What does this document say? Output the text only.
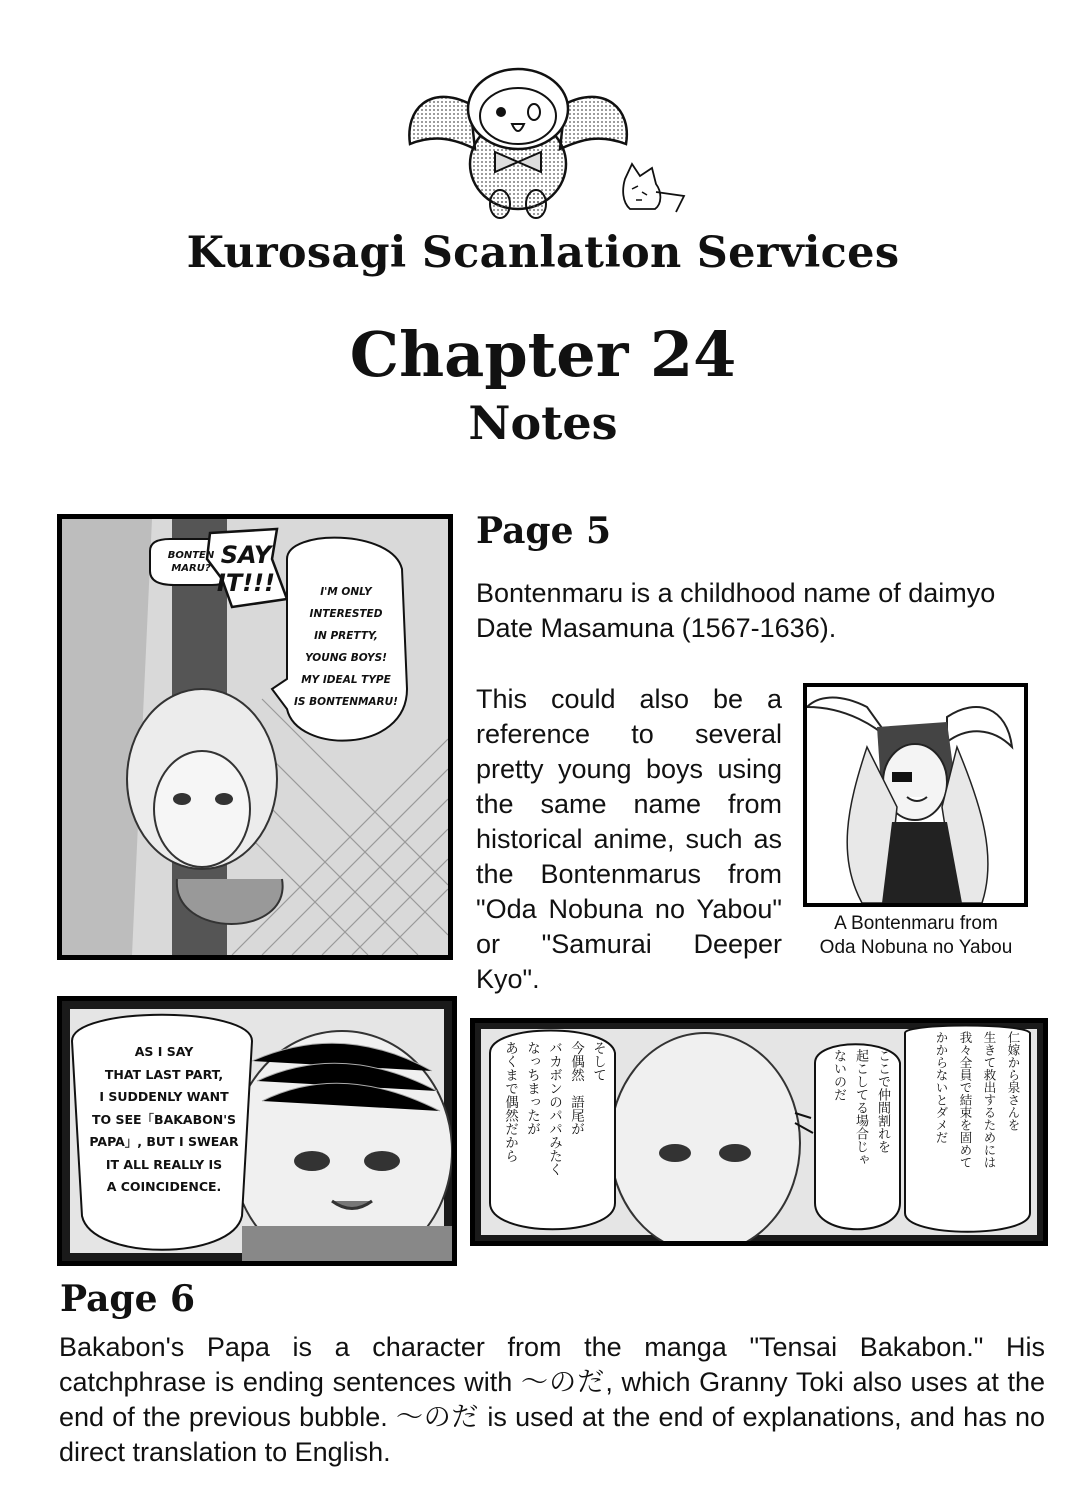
Kurosagi Scanlation Services
Chapter 24
Notes
BONTEN
MARU? SAY
IT!!!	I'M ONLY
INTERESTED
IN PRETTY,
YOUNG BOYS!
MY IDEAL TYPE
IS BONTENMARU!
Page 5
Bontenmaru is a childhood name of daimyo Date Masamuna (1567-1636).
This could also be a reference to several pretty young boys using the same name from historical anime, such as the Bontenmarus from "Oda Nobuna no Yabou" or "Samurai Deeper Kyo".
A Bontenmaru from
Oda Nobuna no Yabou
AS I SAY
THAT LAST PART,
I SUDDENLY WANT
TO SEE「BAKABON'S
PAPA」, BUT I SWEAR
IT ALL REALLY IS
A COINCIDENCE.
そして
今偶然　語尾が
バカボンのパパみたく
なっちまったが
あくまで偶然だから	ここで仲間割れを
起こしてる場合じゃ
ないのだ	仁嫁から泉さんを
生きて救出するためには
我々全員で結束を固めて
かからないとダメだ
Page 6
Bakabon's Papa is a character from the manga "Tensai Bakabon." His catchphrase is ending sentences with 〜のだ, which Granny Toki also uses at the end of the previous bubble. 〜のだ is used at the end of explanations, and has no direct translation to English.
